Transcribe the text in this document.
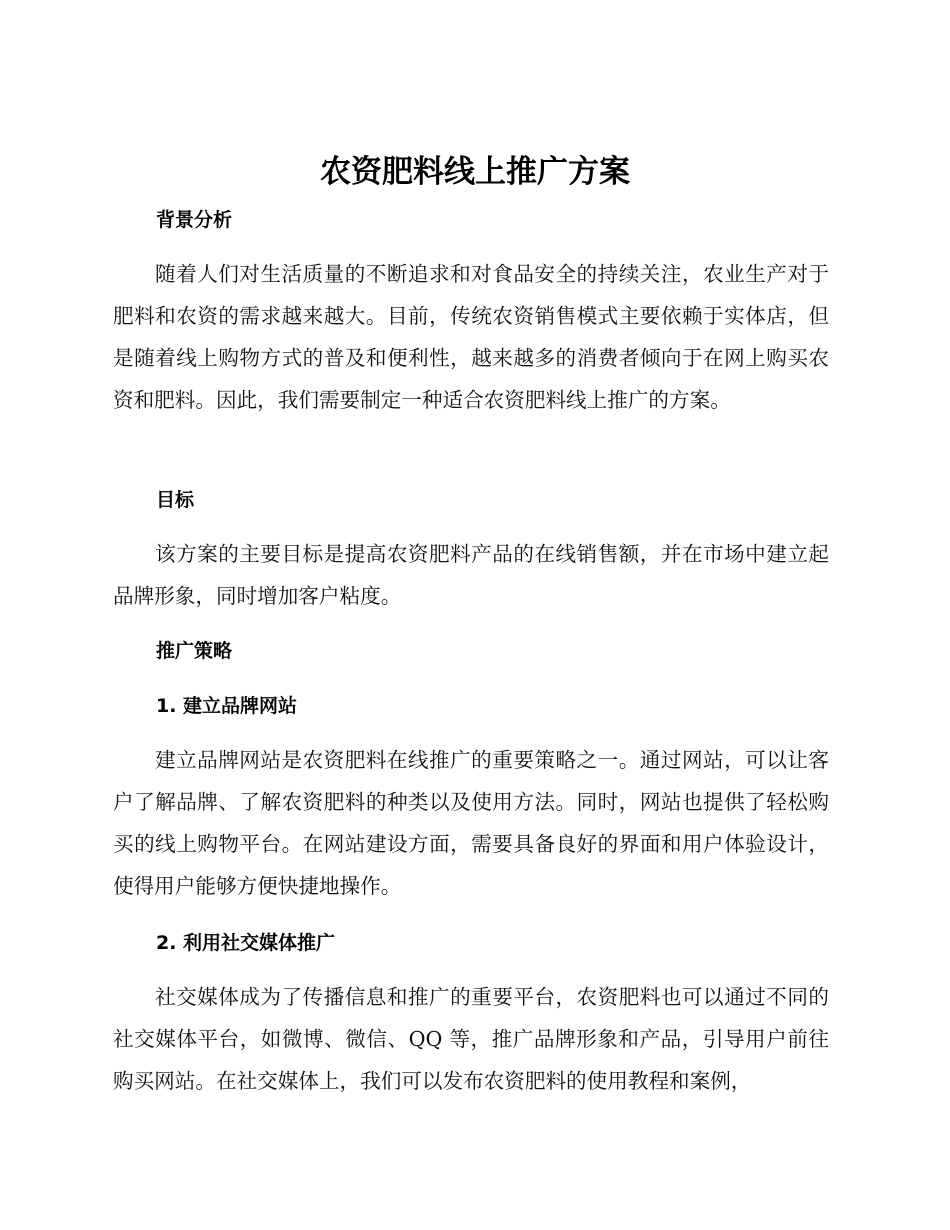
农资肥料线上推广方案
背景分析
随着人们对生活质量的不断追求和对食品安全的持续关注，农业生产对于肥料和农资的需求越来越大。目前，传统农资销售模式主要依赖于实体店，但是随着线上购物方式的普及和便利性，越来越多的消费者倾向于在网上购买农资和肥料。因此，我们需要制定一种适合农资肥料线上推广的方案。
目标
该方案的主要目标是提高农资肥料产品的在线销售额，并在市场中建立起品牌形象，同时增加客户粘度。
推广策略
1. 建立品牌网站
建立品牌网站是农资肥料在线推广的重要策略之一。通过网站，可以让客户了解品牌、了解农资肥料的种类以及使用方法。同时，网站也提供了轻松购买的线上购物平台。在网站建设方面，需要具备良好的界面和用户体验设计，使得用户能够方便快捷地操作。
2. 利用社交媒体推广
社交媒体成为了传播信息和推广的重要平台，农资肥料也可以通过不同的社交媒体平台，如微博、微信、QQ 等，推广品牌形象和产品，引导用户前往购买网站。在社交媒体上，我们可以发布农资肥料的使用教程和案例，
